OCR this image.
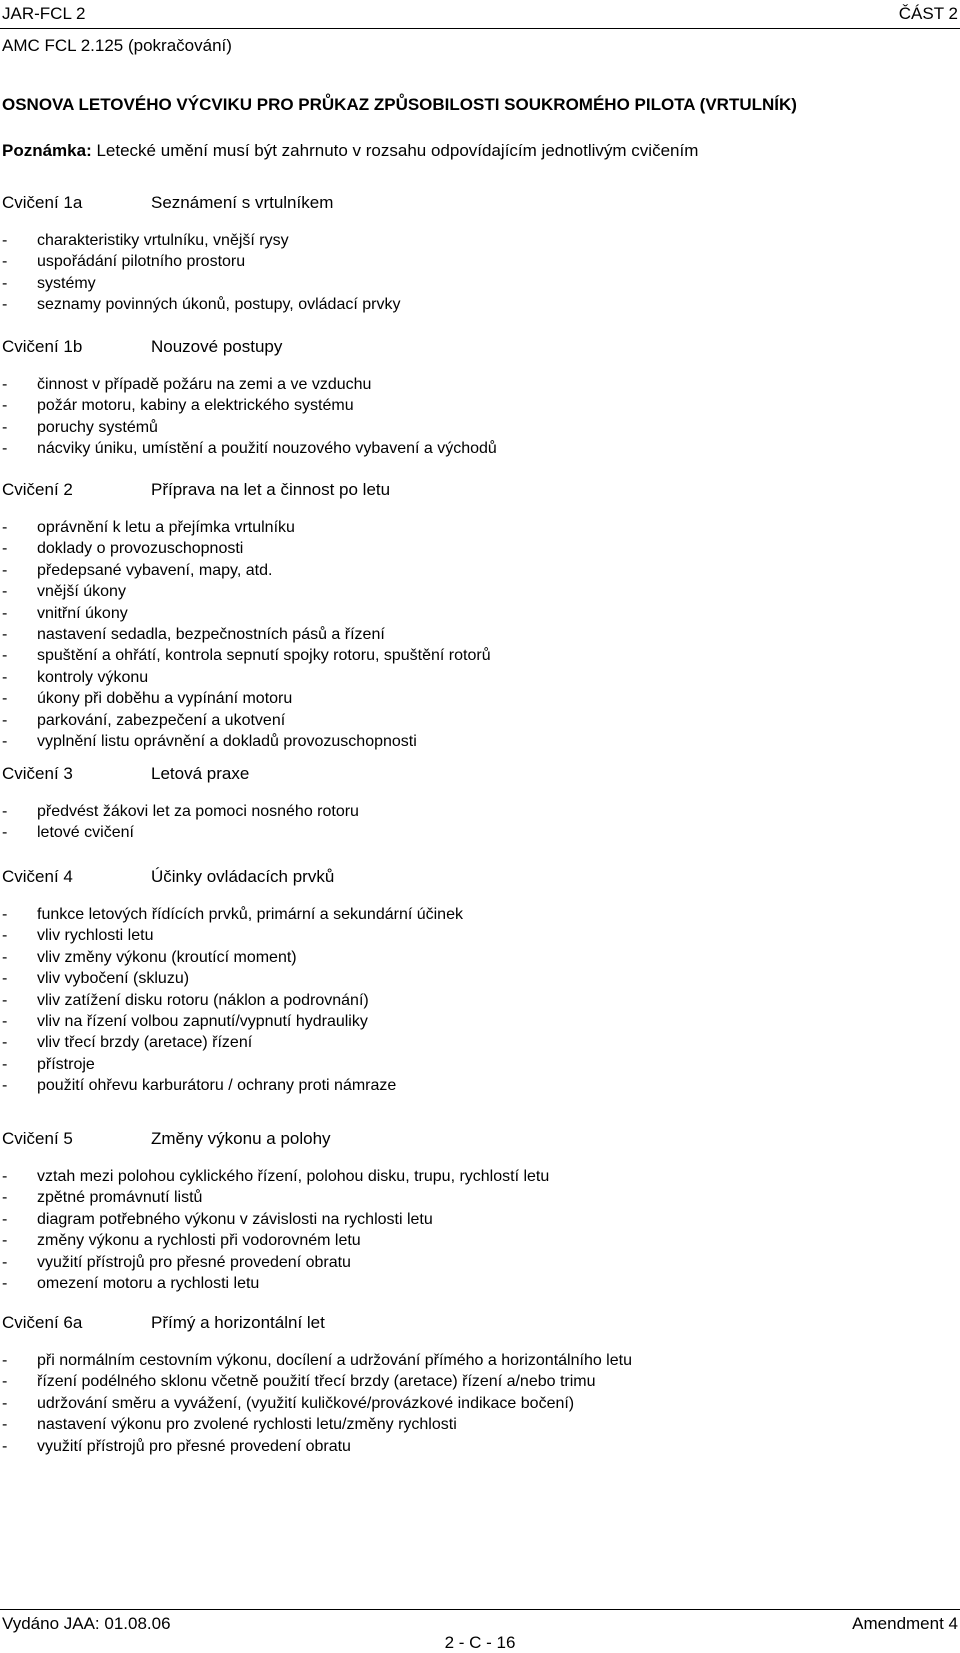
JAR-FCL 2	ČÁST 2
AMC FCL 2.125 (pokračování)
OSNOVA LETOVÉHO VÝCVIKU PRO PRŮKAZ ZPŮSOBILOSTI SOUKROMÉHO PILOTA (VRTULNÍK)
Poznámka: Letecké umění musí být zahrnuto v rozsahu odpovídajícím jednotlivým cvičením
Cvičení 1a	Seznámení s vrtulníkem
- charakteristiky vrtulníku, vnější rysy
- uspořádání pilotního prostoru
- systémy
- seznamy povinných úkonů, postupy, ovládací prvky
Cvičení 1b	Nouzové postupy
- činnost v případě požáru na zemi a ve vzduchu
- požár motoru, kabiny a elektrického systému
- poruchy systémů
- nácviky úniku, umístění a použití nouzového vybavení a východů
Cvičení 2	Příprava na let a činnost po letu
- oprávnění k letu a přejímka vrtulníku
- doklady o provozuschopnosti
- předepsané vybavení, mapy, atd.
- vnější úkony
- vnitřní úkony
- nastavení sedadla, bezpečnostních pásů a řízení
- spuštění a ohřátí, kontrola sepnutí spojky rotoru, spuštění rotorů
- kontroly výkonu
- úkony při doběhu a vypínání motoru
- parkování, zabezpečení a ukotvení
- vyplnění listu oprávnění a dokladů provozuschopnosti
Cvičení 3	Letová praxe
- předvést žákovi let za pomoci nosného rotoru
- letové cvičení
Cvičení 4	Účinky ovládacích prvků
- funkce letových řídících prvků, primární a sekundární účinek
- vliv rychlosti letu
- vliv změny výkonu (kroutící moment)
- vliv vybočení (skluzu)
- vliv zatížení disku rotoru (náklon a podrovnání)
- vliv na řízení volbou zapnutí/vypnutí hydrauliky
- vliv třecí brzdy (aretace) řízení
- přístroje
- použití ohřevu karburátoru / ochrany proti námraze
Cvičení 5	Změny výkonu a polohy
- vztah mezi polohou cyklického řízení, polohou disku, trupu, rychlostí letu
- zpětné promávnutí listů
- diagram potřebného výkonu v závislosti na rychlosti letu
- změny výkonu a rychlosti při vodorovném letu
- využití přístrojů pro přesné provedení obratu
- omezení motoru a rychlosti letu
Cvičení 6a	Přímý a horizontální let
- při normálním cestovním výkonu, docílení a udržování přímého a horizontálního letu
- řízení podélného sklonu včetně použití třecí brzdy (aretace) řízení a/nebo trimu
- udržování směru a vyvážení, (využití kuličkové/provázkové indikace bočení)
- nastavení výkonu pro zvolené rychlosti letu/změny rychlosti
- využití přístrojů pro přesné provedení obratu
Vydáno JAA: 01.08.06	Amendment 4
2 - C - 16
